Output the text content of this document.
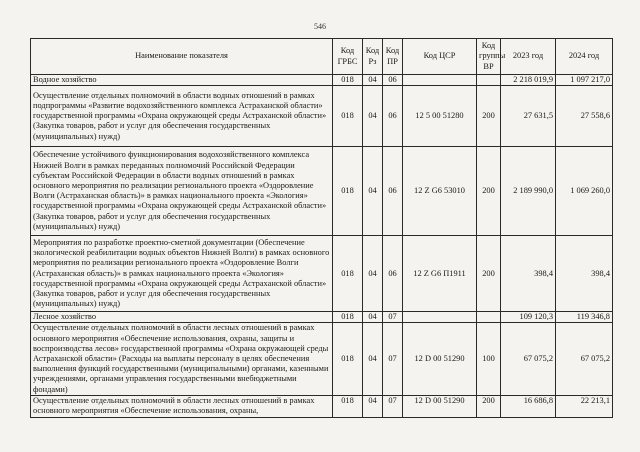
546
Наименование показателя	Код ГРБС	Код Рз	Код ПР	Код ЦСР	Код группы ВР	2023 год	2024 год
Водное хозяйство	018	04	06			2 218 019,9	1 097 217,0
Осуществление отдельных полномочий в области водных отношений в рамках подпрограммы «Развитие водохозяйственного комплекса Астраханской области» государственной программы «Охрана окружающей среды Астраханской области» (Закупка товаров, работ и услуг для обеспечения государственных (муниципальных) нужд)	018	04	06	12 5 00 51280	200	27 631,5	27 558,6
Обеспечение устойчивого функционирования водохозяйственного комплекса Нижней Волги в рамках переданных полномочий Российской Федерации субъектам Российской Федерации в области водных отношений в рамках основного мероприятия по реализации регионального проекта «Оздоровление Волги (Астраханская область)» в рамках национального проекта «Экология» государственной программы «Охрана окружающей среды Астраханской области» (Закупка товаров, работ и услуг для обеспечения государственных (муниципальных) нужд)	018	04	06	12 Z G6 53010	200	2 189 990,0	1 069 260,0
Мероприятия по разработке проектно-сметной документации (Обеспечение экологической реабилитации водных объектов Нижней Волги) в рамках основного мероприятия по реализации регионального проекта «Оздоровление Волги (Астраханская область)» в рамках национального проекта «Экология» государственной программы «Охрана окружающей среды Астраханской области» (Закупка товаров, работ и услуг для обеспечения государственных (муниципальных) нужд)	018	04	06	12 Z G6 П1911	200	398,4	398,4
Лесное хозяйство	018	04	07			109 120,3	119 346,8
Осуществление отдельных полномочий в области лесных отношений в рамках основного мероприятия «Обеспечение использования, охраны, защиты и воспроизводства лесов» государственной программы «Охрана окружающей среды Астраханской области» (Расходы на выплаты персоналу в целях обеспечения выполнения функций государственными (муниципальными) органами, казенными учреждениями, органами управления государственными внебюджетными фондами)	018	04	07	12 D 00 51290	100	67 075,2	67 075,2
Осуществление отдельных полномочий в области лесных отношений в рамках основного мероприятия «Обеспечение использования, охраны,	018	04	07	12 D 00 51290	200	16 686,8	22 213,1
